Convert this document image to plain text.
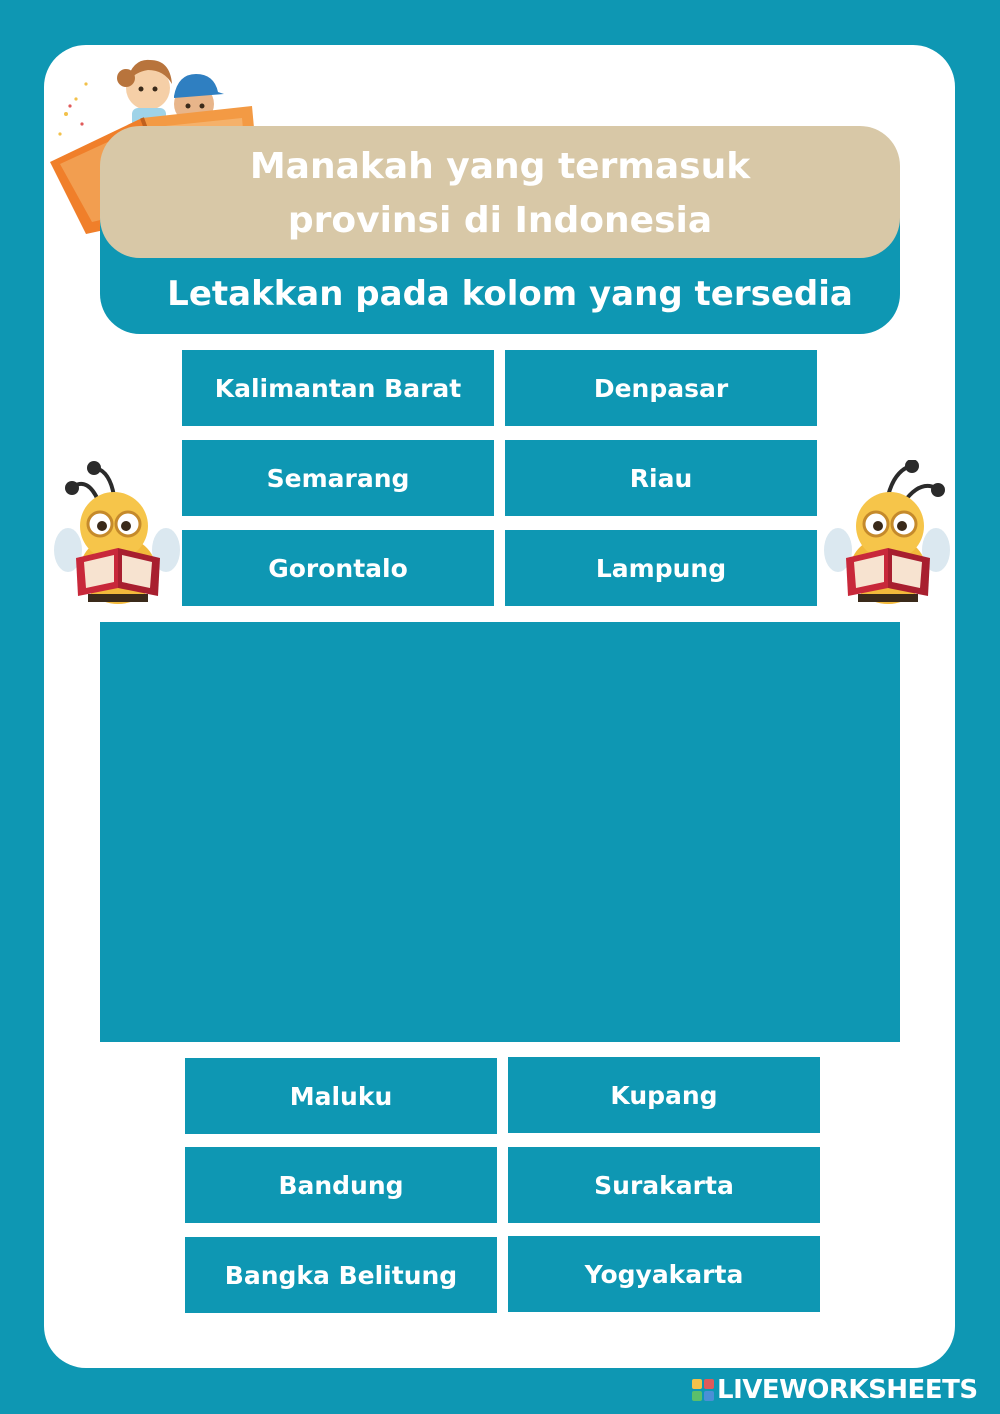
Manakah yang termasuk
provinsi di Indonesia

Letakkan pada kolom yang tersedia

Kalimantan Barat	Denpasar
Semarang	Riau
Gorontalo	Lampung
Maluku	Kupang
Bandung	Surakarta
Bangka Belitung	Yogyakarta
LIVEWORKSHEETS
